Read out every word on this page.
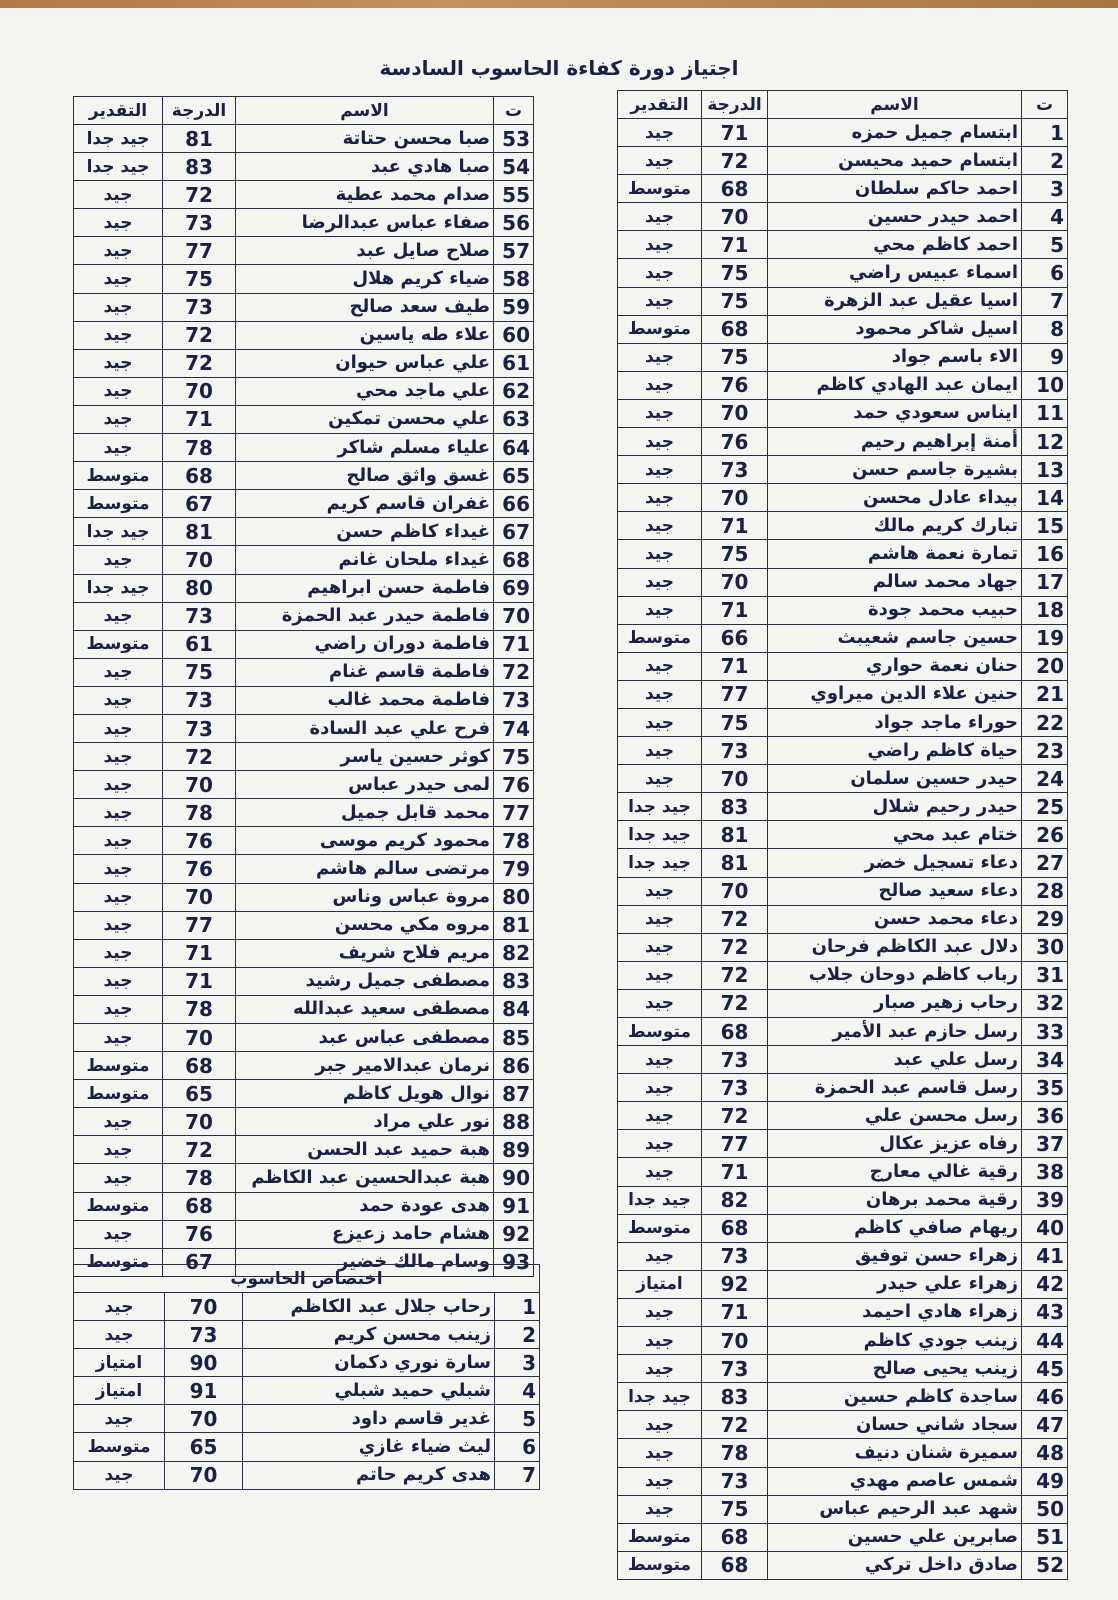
اجتياز دورة كفاءة الحاسوب السادسة
ت	الاسم	الدرجة	التقدير
1	ابتسام جميل حمزه	71	جيد
2	ابتسام حميد محيسن	72	جيد
3	احمد حاكم سلطان	68	متوسط
4	احمد حيدر حسين	70	جيد
5	احمد كاظم محي	71	جيد
6	اسماء عبيس راضي	75	جيد
7	اسيا عقيل عبد الزهرة	75	جيد
8	اسيل شاكر محمود	68	متوسط
9	الاء باسم جواد	75	جيد
10	ايمان عبد الهادي كاظم	76	جيد
11	ايناس سعودي حمد	70	جيد
12	أمنة إبراهيم رحيم	76	جيد
13	بشيرة جاسم حسن	73	جيد
14	بيداء عادل محسن	70	جيد
15	تبارك كريم مالك	71	جيد
16	تمارة نعمة هاشم	75	جيد
17	جهاد محمد سالم	70	جيد
18	حبيب محمد جودة	71	جيد
19	حسين جاسم شعيبث	66	متوسط
20	حنان نعمة حواري	71	جيد
21	حنين علاء الدين ميراوي	77	جيد
22	حوراء ماجد جواد	75	جيد
23	حياة كاظم راضي	73	جيد
24	حيدر حسين سلمان	70	جيد
25	حيدر رحيم شلال	83	جيد جدا
26	ختام عبد محي	81	جيد جدا
27	دعاء تسجيل خضر	81	جيد جدا
28	دعاء سعيد صالح	70	جيد
29	دعاء محمد حسن	72	جيد
30	دلال عبد الكاظم فرحان	72	جيد
31	رباب كاظم دوحان جلاب	72	جيد
32	رحاب زهير صبار	72	جيد
33	رسل حازم عبد الأمير	68	متوسط
34	رسل علي عبد	73	جيد
35	رسل قاسم عبد الحمزة	73	جيد
36	رسل محسن علي	72	جيد
37	رفاه عزيز عكال	77	جيد
38	رقية غالي معارج	71	جيد
39	رقية محمد برهان	82	جيد جدا
40	ريهام صافي كاظم	68	متوسط
41	زهراء حسن توفيق	73	جيد
42	زهراء علي حيدر	92	امتياز
43	زهراء هادي احيمد	71	جيد
44	زينب جودي كاظم	70	جيد
45	زينب يحيى صالح	73	جيد
46	ساجدة كاظم حسين	83	جيد جدا
47	سجاد شاني حسان	72	جيد
48	سميرة شنان دنيف	78	جيد
49	شمس عاصم مهدي	73	جيد
50	شهد عبد الرحيم عباس	75	جيد
51	صابرين علي حسين	68	متوسط
52	صادق داخل تركي	68	متوسط
ت	الاسم	الدرجة	التقدير
53	صبا محسن حتاتة	81	جيد جدا
54	صبا هادي عبد	83	جيد جدا
55	صدام محمد عطية	72	جيد
56	صفاء عباس عبدالرضا	73	جيد
57	صلاح صايل عبد	77	جيد
58	ضياء كريم هلال	75	جيد
59	طيف سعد صالح	73	جيد
60	علاء طه ياسين	72	جيد
61	علي عباس حيوان	72	جيد
62	علي ماجد محي	70	جيد
63	علي محسن تمكين	71	جيد
64	علياء مسلم شاكر	78	جيد
65	غسق واثق صالح	68	متوسط
66	غفران قاسم كريم	67	متوسط
67	غيداء كاظم حسن	81	جيد جدا
68	غيداء ملحان غانم	70	جيد
69	فاطمة حسن ابراهيم	80	جيد جدا
70	فاطمة حيدر عبد الحمزة	73	جيد
71	فاطمة دوران راضي	61	متوسط
72	فاطمة قاسم غنام	75	جيد
73	فاطمة محمد غالب	73	جيد
74	فرح علي عبد السادة	73	جيد
75	كوثر حسين ياسر	72	جيد
76	لمى حيدر عباس	70	جيد
77	محمد قابل جميل	78	جيد
78	محمود كريم موسى	76	جيد
79	مرتضى سالم هاشم	76	جيد
80	مروة عباس وناس	70	جيد
81	مروه مكي محسن	77	جيد
82	مريم فلاح شريف	71	جيد
83	مصطفى جميل رشيد	71	جيد
84	مصطفى سعيد عبدالله	78	جيد
85	مصطفى عباس عبد	70	جيد
86	نرمان عبدالامير جبر	68	متوسط
87	نوال هويل كاظم	65	متوسط
88	نور علي مراد	70	جيد
89	هبة حميد عبد الحسن	72	جيد
90	هبة عبدالحسين عبد الكاظم	78	جيد
91	هدى عودة حمد	68	متوسط
92	هشام حامد زعيزع	76	جيد
93	وسام مالك خضير	67	متوسط
اختصاص الحاسوب			
1	رحاب جلال عبد الكاظم	70	جيد
2	زينب محسن كريم	73	جيد
3	سارة نوري دكمان	90	امتياز
4	شبلي حميد شبلي	91	امتياز
5	غدير قاسم داود	70	جيد
6	ليث ضياء غازي	65	متوسط
7	هدى كريم حاتم	70	جيد
